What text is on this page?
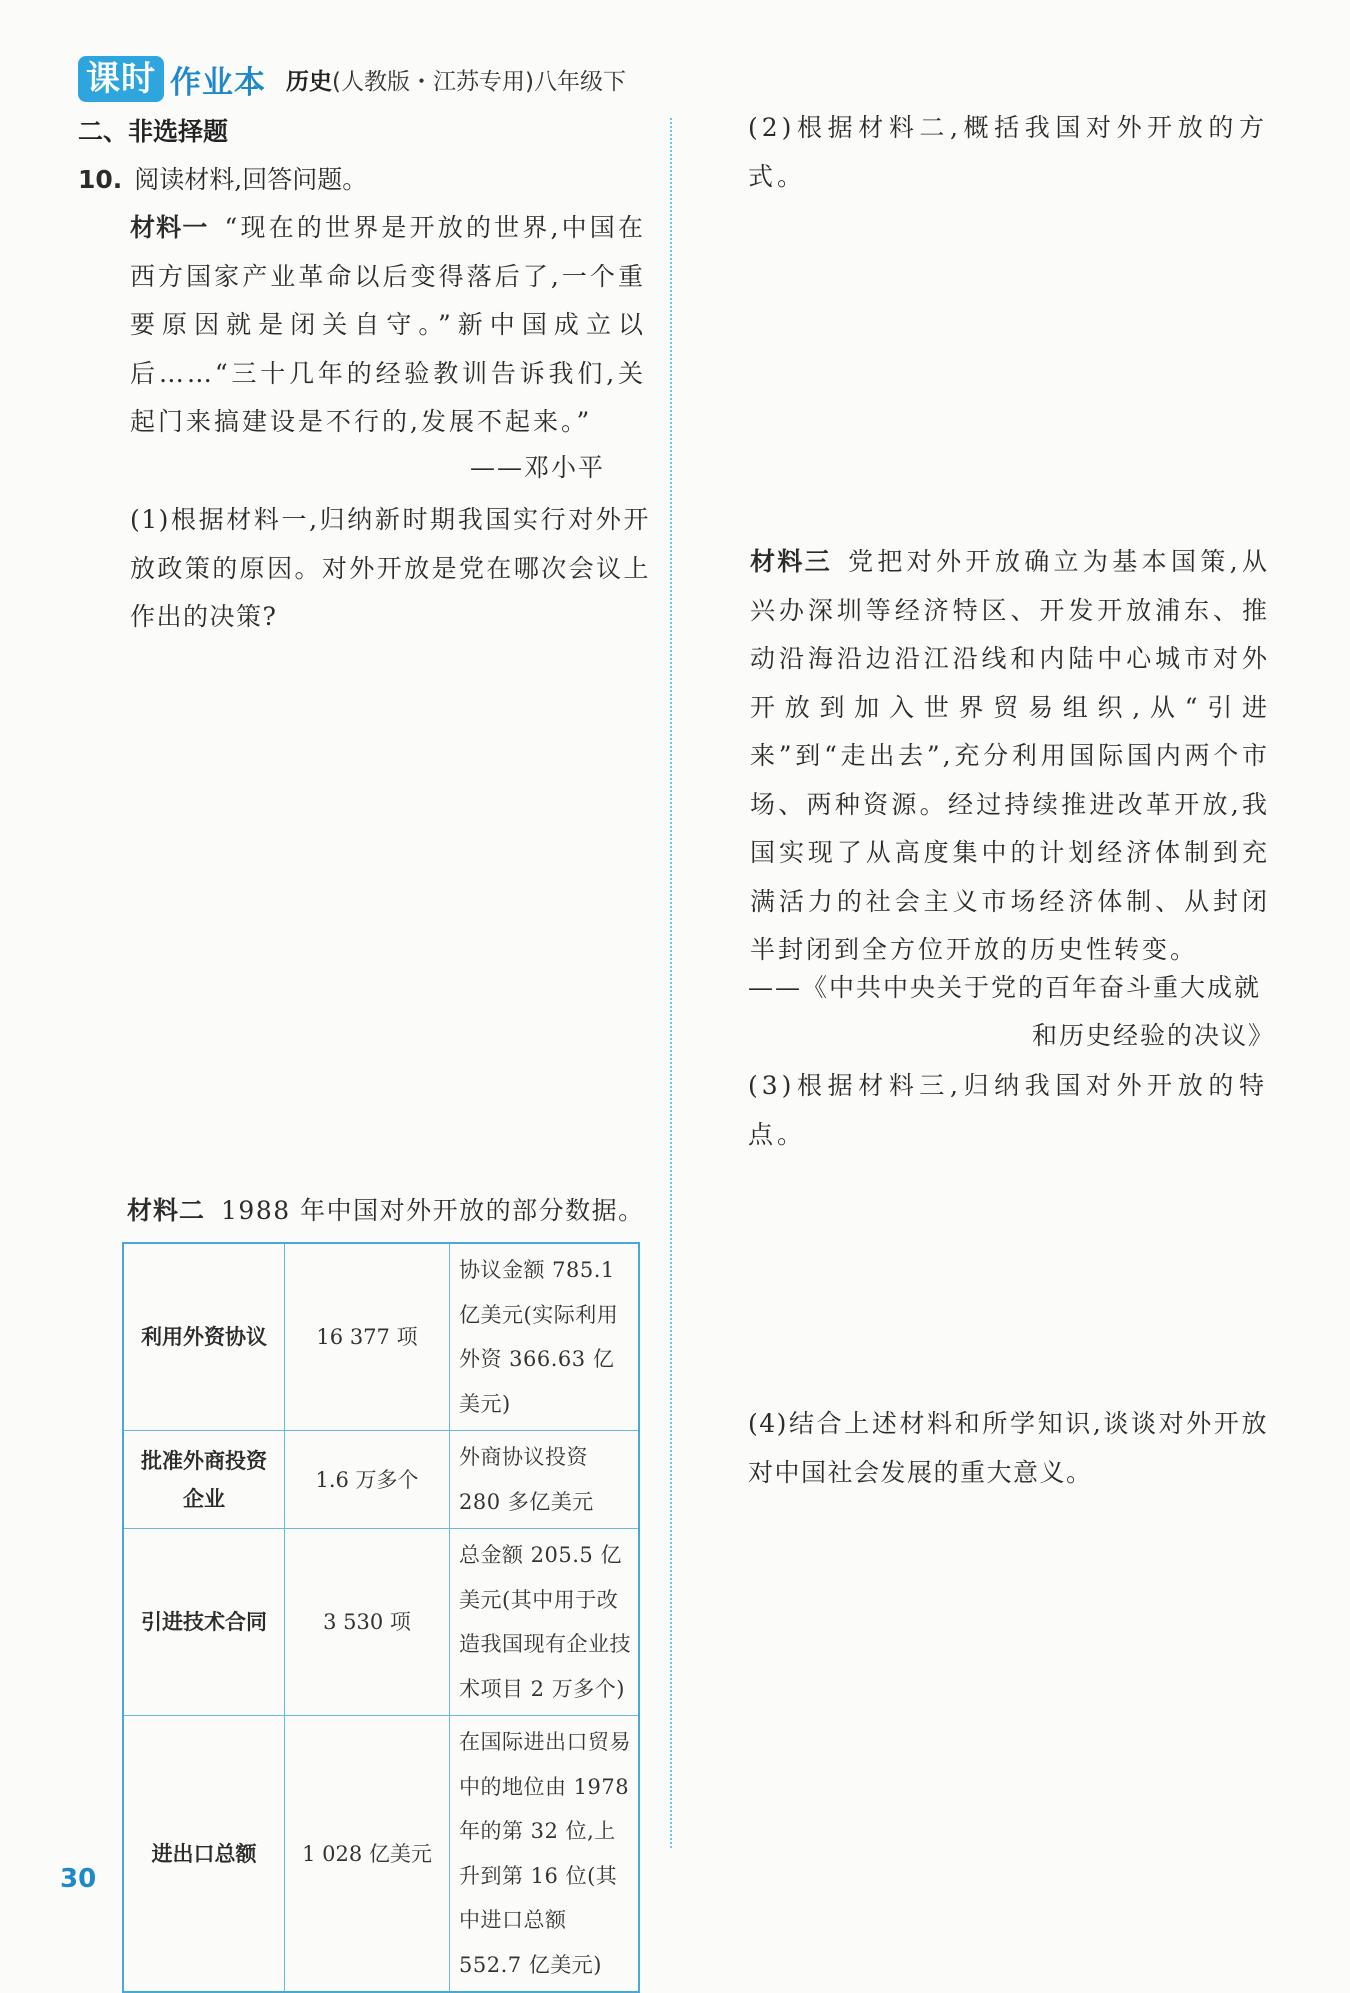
课时 作业本 历史 (人教版・江苏专用)八年级下
二、非选择题
10. 阅读材料,回答问题。
材料一 “现在的世界是开放的世界,中国在西方国家产业革命以后变得落后了,一个重要原因就是闭关自守。”新中国成立以后……“三十几年的经验教训告诉我们,关起门来搞建设是不行的,发展不起来。”
——邓小平
(1)根据材料一,归纳新时期我国实行对外开放政策的原因。对外开放是党在哪次会议上作出的决策?
材料二 1988 年中国对外开放的部分数据。
利用外资协议	16 377 项	协议金额 785.1 亿美元(实际利用外资 366.63 亿美元)
批准外商投资企业	1.6 万多个	外商协议投资 280 多亿美元
引进技术合同	3 530 项	总金额 205.5 亿美元(其中用于改造我国现有企业技术项目 2 万多个)
进出口总额	1 028 亿美元	在国际进出口贸易中的地位由 1978 年的第 32 位,上升到第 16 位(其中进口总额 552.7 亿美元)
(2)根据材料二,概括我国对外开放的方式。
材料三 党把对外开放确立为基本国策,从兴办深圳等经济特区、开发开放浦东、推动沿海沿边沿江沿线和内陆中心城市对外开放到加入世界贸易组织,从“引进来”到“走出去”,充分利用国际国内两个市场、两种资源。经过持续推进改革开放,我国实现了从高度集中的计划经济体制到充满活力的社会主义市场经济体制、从封闭半封闭到全方位开放的历史性转变。
——《中共中央关于党的百年奋斗重大成就
和历史经验的决议》
(3)根据材料三,归纳我国对外开放的特点。
(4)结合上述材料和所学知识,谈谈对外开放对中国社会发展的重大意义。
30
